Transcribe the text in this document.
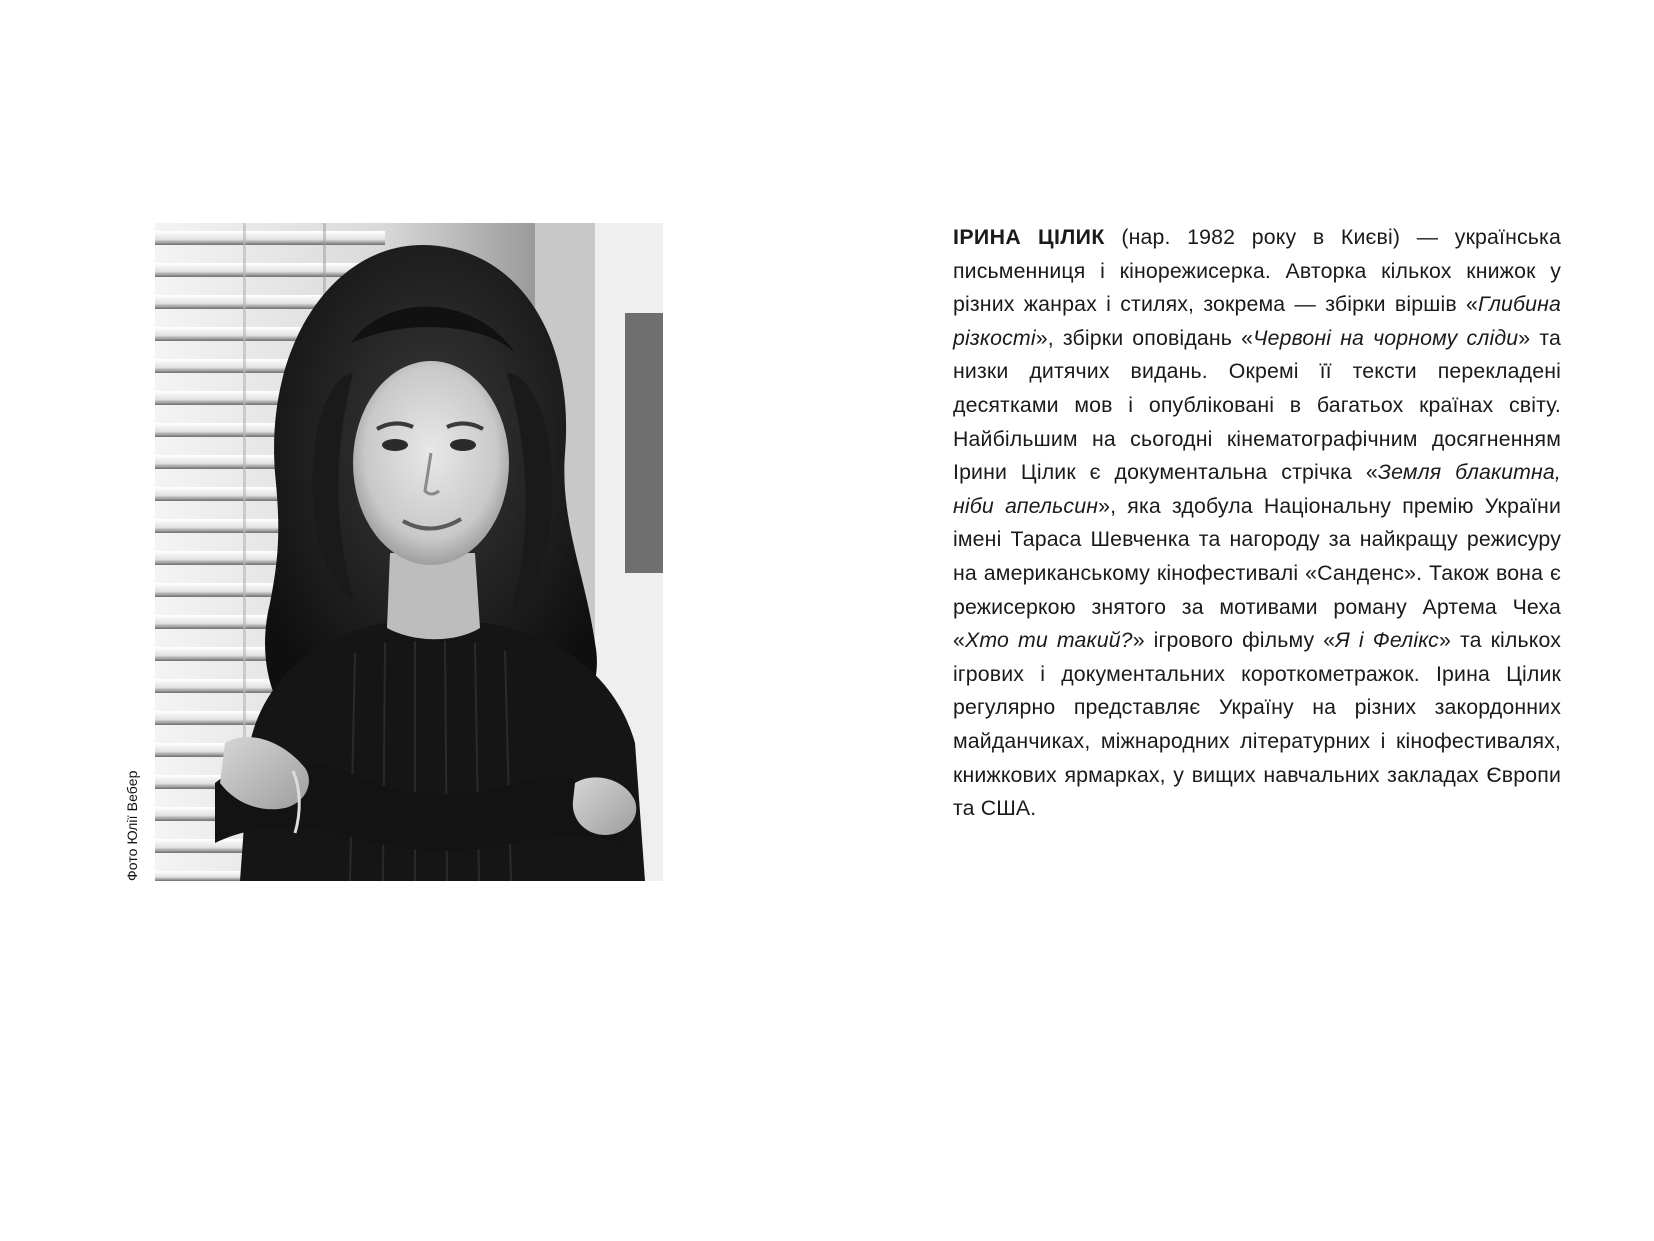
Фото Юлії Вебер
ІРИНА ЦІЛИК (нар. 1982 року в Києві) — українська письменниця і кінорежисерка. Авторка кількох книжок у різних жанрах і стилях, зокрема — збірки віршів «Глибина різкості», збірки оповідань «Червоні на чорному сліди» та низки дитячих видань. Окремі її тексти перекладені десятками мов і опубліковані в багатьох країнах світу. Найбільшим на сьогодні кінематографічним досягненням Ірини Цілик є документальна стрічка «Земля блакитна, ніби апельсин», яка здобула Національну премію України імені Тараса Шевченка та нагороду за найкращу режисуру на американському кінофестивалі «Санденс». Також вона є режисеркою знятого за мотивами роману Артема Чеха «Хто ти такий?» ігрового фільму «Я і Фелікс» та кількох ігрових і документальних короткометражок. Ірина Цілик регулярно представляє Україну на різних закордонних майданчиках, міжнародних літературних і кінофестивалях, книжкових ярмарках, у вищих навчальних закладах Європи та США.
